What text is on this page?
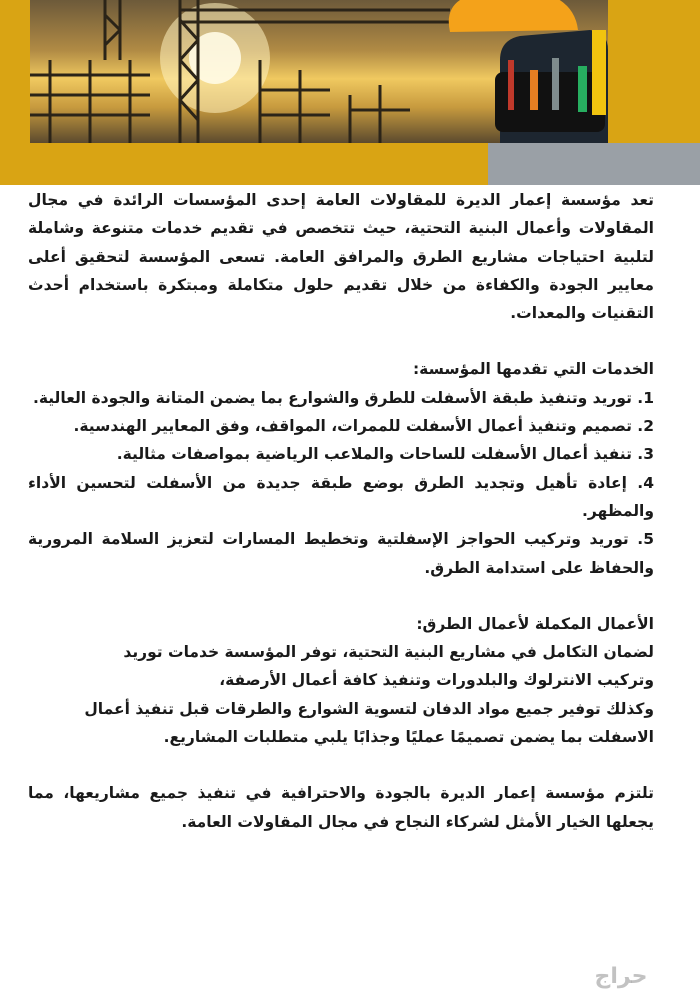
تعد مؤسسة إعمار الديرة للمقاولات العامة إحدى المؤسسات الرائدة في مجال المقاولات وأعمال البنية التحتية، حيث تتخصص في تقديم خدمات متنوعة وشاملة لتلبية احتياجات مشاريع الطرق والمرافق العامة. تسعى المؤسسة لتحقيق أعلى معايير الجودة والكفاءة من خلال تقديم حلول متكاملة ومبتكرة باستخدام أحدث التقنيات والمعدات.

الخدمات التي تقدمها المؤسسة:

1. توريد وتنفيذ طبقة الأسفلت للطرق والشوارع بما يضمن المتانة والجودة العالية.

2. تصميم وتنفيذ أعمال الأسفلت للممرات، المواقف، وفق المعايير الهندسية.

3. تنفيذ أعمال الأسفلت للساحات والملاعب الرياضية بمواصفات مثالية.

4. إعادة تأهيل وتجديد الطرق بوضع طبقة جديدة من الأسفلت لتحسين الأداء والمظهر.

5. توريد وتركيب الحواجز الإسفلتية وتخطيط المسارات لتعزيز السلامة المرورية والحفاظ على استدامة الطرق.

الأعمال المكملة لأعمال الطرق:

لضمان التكامل في مشاريع البنية التحتية، توفر المؤسسة خدمات توريد

وتركيب الانترلوك والبلدورات وتنفيذ كافة أعمال الأرصفة،

وكذلك توفير جميع مواد الدفان لتسوية الشوارع والطرقات قبل تنفيذ أعمال

الاسفلت بما يضمن تصميمًا عمليًا وجذابًا يلبي متطلبات المشاريع.

تلتزم مؤسسة إعمار الديرة بالجودة والاحترافية في تنفيذ جميع مشاريعها، مما يجعلها الخيار الأمثل لشركاء النجاح في مجال المقاولات العامة.

حراج
